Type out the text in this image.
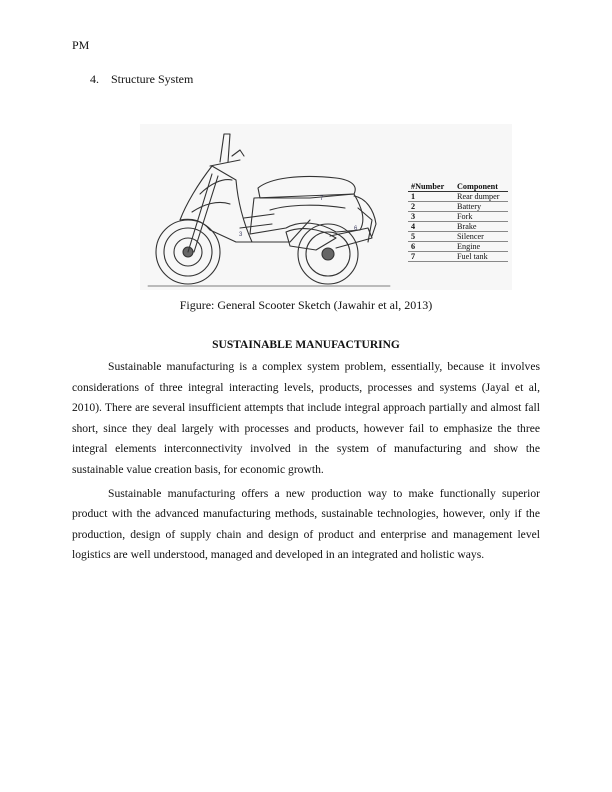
PM
4. Structure System
7
3
6
#Number	Component
1	Rear dumper
2	Battery
3	Fork
4	Brake
5	Silencer
6	Engine
7	Fuel tank
Figure: General Scooter Sketch (Jawahir et al, 2013)
SUSTAINABLE MANUFACTURING

Sustainable manufacturing is a complex system problem, essentially, because it involves considerations of three integral interacting levels, products, processes and systems (Jayal et al, 2010). There are several insufficient attempts that include integral approach partially and almost fall short, since they deal largely with processes and products, however fail to emphasize the three integral elements interconnectivity involved in the system of manufacturing and show the sustainable value creation basis, for economic growth.

Sustainable manufacturing offers a new production way to make functionally superior product with the advanced manufacturing methods, sustainable technologies, however, only if the production, design of supply chain and design of product and enterprise and management level logistics are well understood, managed and developed in an integrated and holistic ways.
